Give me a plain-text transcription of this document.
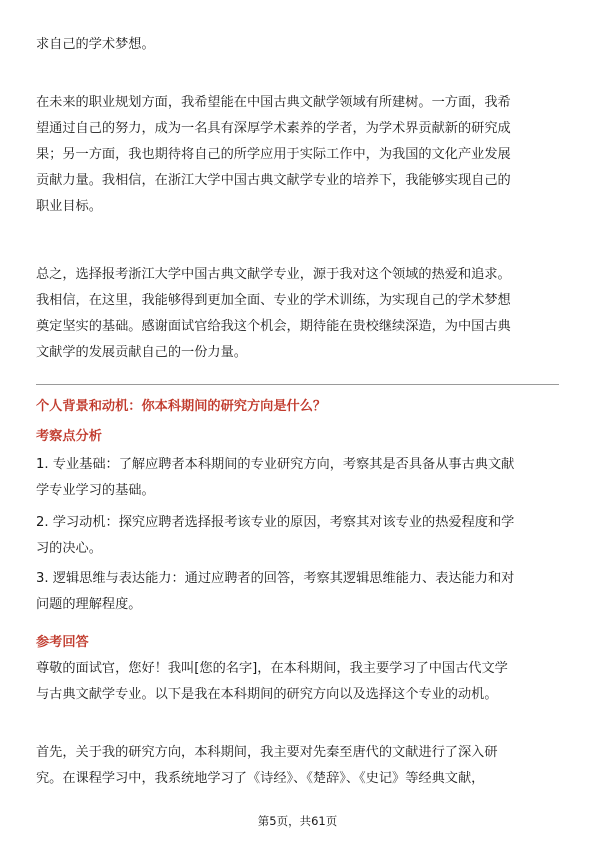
求自己的学术梦想。

在未来的职业规划方面，我希望能在中国古典文献学领域有所建树。一方面，我希

望通过自己的努力，成为一名具有深厚学术素养的学者，为学术界贡献新的研究成

果；另一方面，我也期待将自己的所学应用于实际工作中，为我国的文化产业发展

贡献力量。我相信，在浙江大学中国古典文献学专业的培养下，我能够实现自己的

职业目标。

总之，选择报考浙江大学中国古典文献学专业，源于我对这个领域的热爱和追求。

我相信，在这里，我能够得到更加全面、专业的学术训练，为实现自己的学术梦想

奠定坚实的基础。感谢面试官给我这个机会，期待能在贵校继续深造，为中国古典

文献学的发展贡献自己的一份力量。

个人背景和动机：你本科期间的研究方向是什么？

考察点分析

1. 专业基础：了解应聘者本科期间的专业研究方向，考察其是否具备从事古典文献

学专业学习的基础。

2. 学习动机：探究应聘者选择报考该专业的原因，考察其对该专业的热爱程度和学

习的决心。

3. 逻辑思维与表达能力：通过应聘者的回答，考察其逻辑思维能力、表达能力和对

问题的理解程度。

参考回答

尊敬的面试官，您好！我叫[您的名字]，在本科期间，我主要学习了中国古代文学

与古典文献学专业。以下是我在本科期间的研究方向以及选择这个专业的动机。

首先，关于我的研究方向，本科期间，我主要对先秦至唐代的文献进行了深入研

究。在课程学习中，我系统地学习了《诗经》、《楚辞》、《史记》等经典文献，

第5页，共61页
